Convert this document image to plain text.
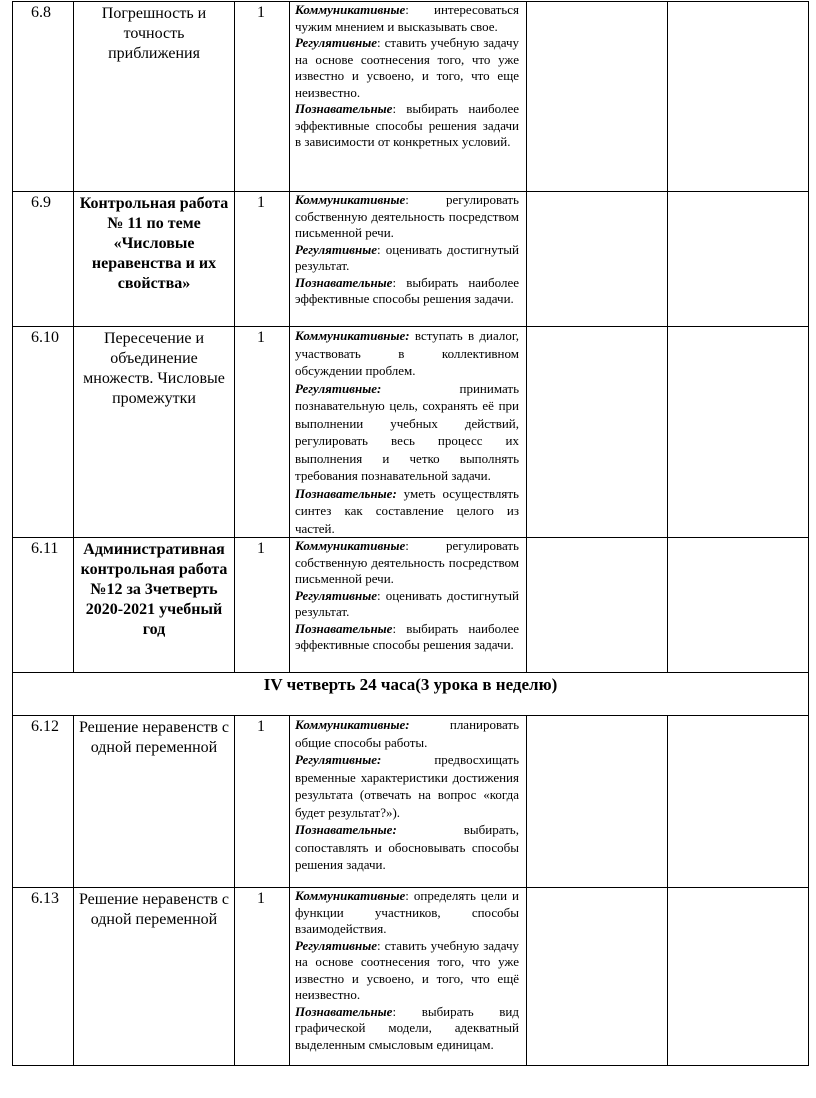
6.8	Погрешность и точность приближения	1	Коммуникативные: интересоваться чужим мнением и высказывать свое.

Регулятивные: ставить учебную задачу на основе соотнесения того, что уже известно и усвоено, и того, что еще неизвестно.

Познавательные: выбирать наиболее эффективные способы решения задачи в зависимости от конкретных условий.		

6.9	Контрольная работа № 11 по теме «Числовые неравенства и их свойства»	1	Коммуникативные: регулировать собственную деятельность посредством письменной речи.

Регулятивные: оценивать достигнутый результат.

Познавательные: выбирать наиболее эффективные способы решения задачи.		

6.10	Пересечение и объединение множеств. Числовые промежутки	1	Коммуникативные: вступать в диалог, участвовать в коллективном обсуждении проблем.

Регулятивные: принимать познавательную цель, сохранять её при выполнении учебных действий, регулировать весь процесс их выполнения и четко выполнять требования познавательной задачи.

Познавательные: уметь осуществлять синтез как составление целого из частей.		

6.11	Административная контрольная работа №12 за 3четверть 2020-2021 учебный год	1	Коммуникативные: регулировать собственную деятельность посредством письменной речи.

Регулятивные: оценивать достигнутый результат.

Познавательные: выбирать наиболее эффективные способы решения задачи.		

IV четверть 24 часа(3 урока в неделю)					

6.12	Решение неравенств с одной переменной	1	Коммуникативные: планировать общие способы работы.

Регулятивные: предвосхищать временные характеристики достижения результата (отвечать на вопрос «когда будет результат?»).

Познавательные: выбирать, сопоставлять и обосновывать способы решения задачи.		

6.13	Решение неравенств с одной переменной	1	Коммуникативные: определять цели и функции участников, способы взаимодействия.

Регулятивные: ставить учебную задачу на основе соотнесения того, что уже известно и усвоено, и того, что ещё неизвестно.

Познавательные: выбирать вид графической модели, адекватный выделенным смысловым единицам.		
